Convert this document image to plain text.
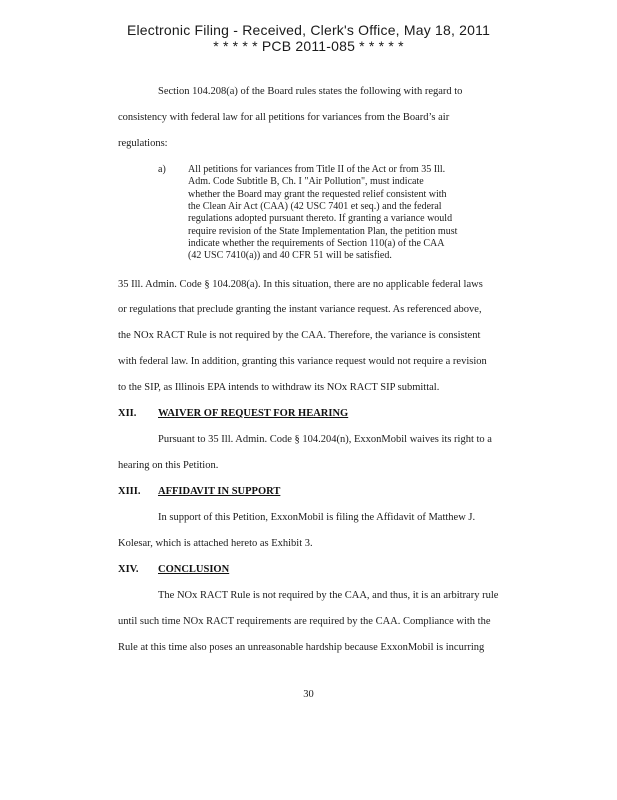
Electronic Filing - Received, Clerk's Office, May 18, 2011
* * * * * PCB 2011-085 * * * * *
Section 104.208(a) of the Board rules states the following with regard to
consistency with federal law for all petitions for variances from the Board’s air
regulations:
a) All petitions for variances from Title II of the Act or from 35 Ill.
Adm. Code Subtitle B, Ch. I "Air Pollution", must indicate
whether the Board may grant the requested relief consistent with
the Clean Air Act (CAA) (42 USC 7401 et seq.) and the federal
regulations adopted pursuant thereto. If granting a variance would
require revision of the State Implementation Plan, the petition must
indicate whether the requirements of Section 110(a) of the CAA
(42 USC 7410(a)) and 40 CFR 51 will be satisfied.
35 Ill. Admin. Code § 104.208(a). In this situation, there are no applicable federal laws
or regulations that preclude granting the instant variance request. As referenced above,
the NOx RACT Rule is not required by the CAA. Therefore, the variance is consistent
with federal law. In addition, granting this variance request would not require a revision
to the SIP, as Illinois EPA intends to withdraw its NOx RACT SIP submittal.
XII. WAIVER OF REQUEST FOR HEARING
Pursuant to 35 Ill. Admin. Code § 104.204(n), ExxonMobil waives its right to a
hearing on this Petition.
XIII. AFFIDAVIT IN SUPPORT
In support of this Petition, ExxonMobil is filing the Affidavit of Matthew J.
Kolesar, which is attached hereto as Exhibit 3.
XIV. CONCLUSION
The NOx RACT Rule is not required by the CAA, and thus, it is an arbitrary rule
until such time NOx RACT requirements are required by the CAA. Compliance with the
Rule at this time also poses an unreasonable hardship because ExxonMobil is incurring
30
